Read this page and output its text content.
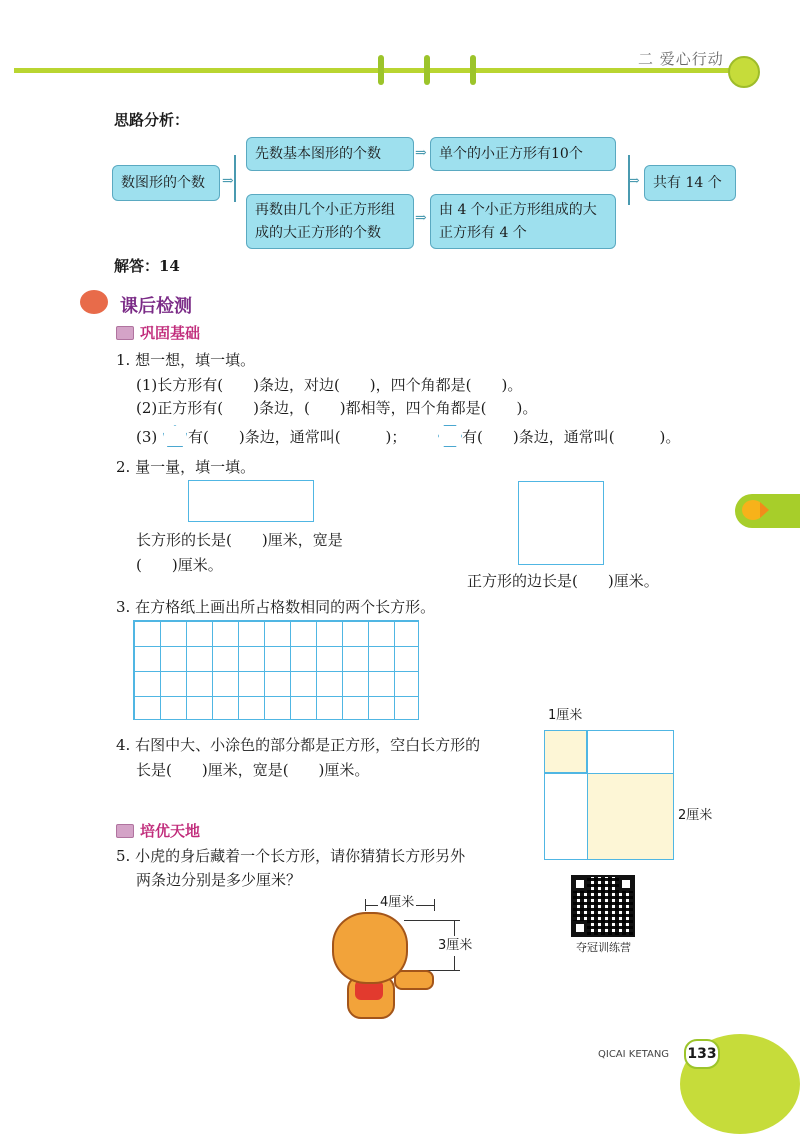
二 爱心行动
思路分析：
数图形的个数 ⇒
先数基本图形的个数
再数由几个小正方形组成的大正方形的个数
⇒
⇒
单个的小正方形有10个
由 4 个小正方形组成的大正方形有 4 个
⇒ 共有 14 个
解答：14
课后检测
巩固基础
1. 想一想，填一填。
(1)长方形有(　　)条边，对边(　　)，四个角都是(　　)。
(2)正方形有(　　)条边，(　　)都相等，四个角都是(　　)。
(3) 有(　　)条边，通常叫(　　　)；	有(　　)条边，通常叫(　　　)。
2. 量一量，填一填。
长方形的长是(　　)厘米，宽是
(　　)厘米。
正方形的边长是(　　)厘米。
3. 在方格纸上画出所占格数相同的两个长方形。
4. 右图中大、小涂色的部分都是正方形，空白长方形的
长是(　　)厘米，宽是(　　)厘米。
1厘米
2厘米
培优天地
5. 小虎的身后藏着一个长方形，请你猜猜长方形另外
两条边分别是多少厘米？
4厘米
3厘米	夺冠训练营
QICAI KETANG 133
